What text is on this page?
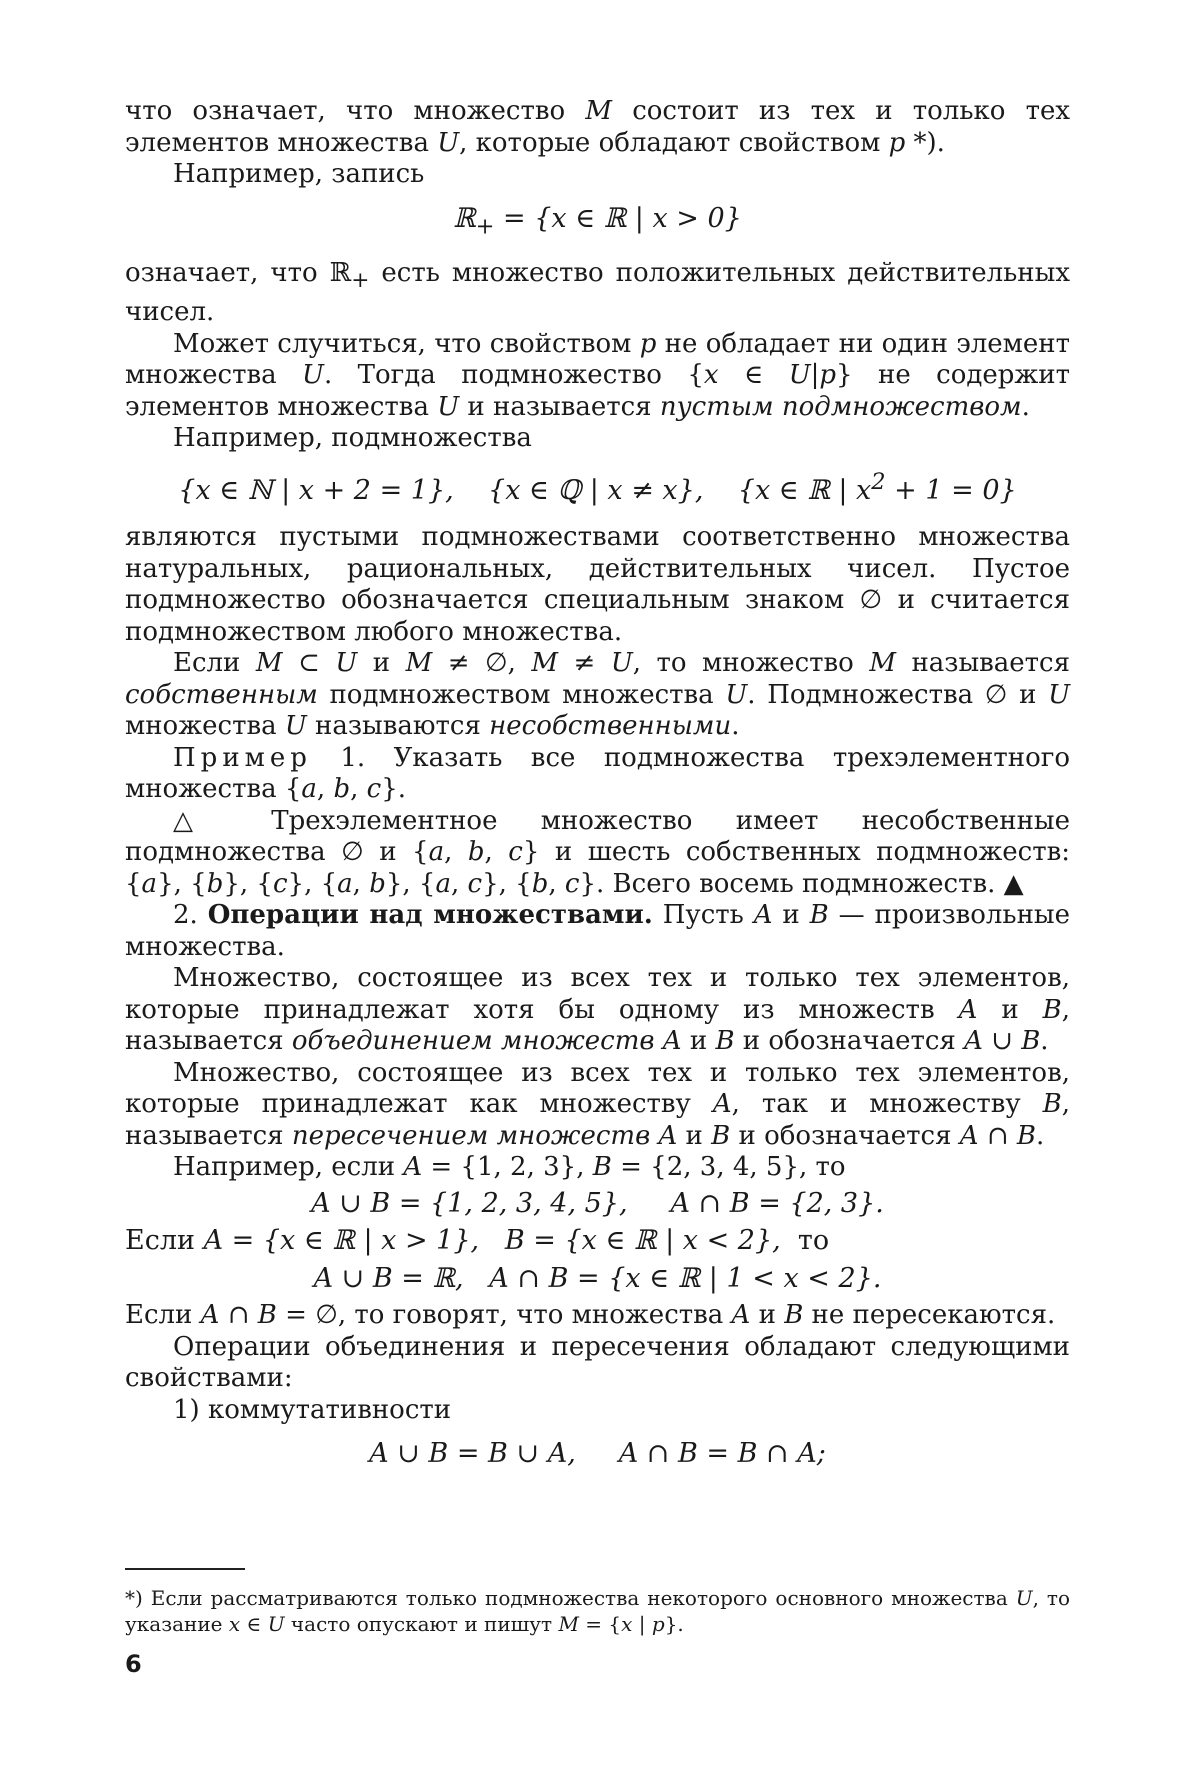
что означает, что множество M состоит из тех и только тех элементов множества U, которые обладают свойством p *).

Например, запись

ℝ$_+$ = {x ∈ ℝ | x > 0}

означает, что ℝ$_+$ есть множество положительных действительных чисел.

Может случиться, что свойством p не обладает ни один элемент множества U. Тогда подмножество {x ∈ U|p} не содержит элементов множества U и называется пустым подмножеством.

Например, подмножества

{x ∈ ℕ | x + 2 = 1},    {x ∈ ℚ | x ≠ x},    {x ∈ ℝ | $x^2 + 1 = 0$}

являются пустыми подмножествами соответственно множества натуральных, рациональных, действительных чисел. Пустое подмножество обозначается специальным знаком ∅ и считается подмножеством любого множества.

Если M ⊂ U и M ≠ ∅, M ≠ U, то множество M называется собственным подмножеством множества U. Подмножества ∅ и U множества U называются несобственными.

Пример 1. Указать все подмножества трехэлементного множества {a, b, c}.

△ Трехэлементное множество имеет несобственные подмножества ∅ и {a, b, c} и шесть собственных подмножеств: {a}, {b}, {c}, {a, b}, {a, c}, {b, c}. Всего восемь подмножеств. ▲

2. Операции над множествами. Пусть A и B — произвольные множества.

Множество, состоящее из всех тех и только тех элементов, которые принадлежат хотя бы одному из множеств A и B, называется объединением множеств A и B и обозначается A ∪ B.

Множество, состоящее из всех тех и только тех элементов, которые принадлежат как множеству A, так и множеству B, называется пересечением множеств A и B и обозначается A ∩ B.

Например, если A = {1, 2, 3}, B = {2, 3, 4, 5}, то

A ∪ B = {1, 2, 3, 4, 5},     A ∩ B = {2, 3}.
Если A = {x ∈ ℝ | x > 1},   B = {x ∈ ℝ | x < 2},  то
A ∪ B = ℝ,   A ∩ B = {x ∈ ℝ | 1 < x < 2}.

Если A ∩ B = ∅, то говорят, что множества A и B не пересекаются.

Операции объединения и пересечения обладают следующими свойствами:

1) коммутативности

A ∪ B = B ∪ A,     A ∩ B = B ∩ A;
*) Если рассматриваются только подмножества некоторого основного множества U, то указание x ∈ U часто опускают и пишут M = {x | p}.
6
